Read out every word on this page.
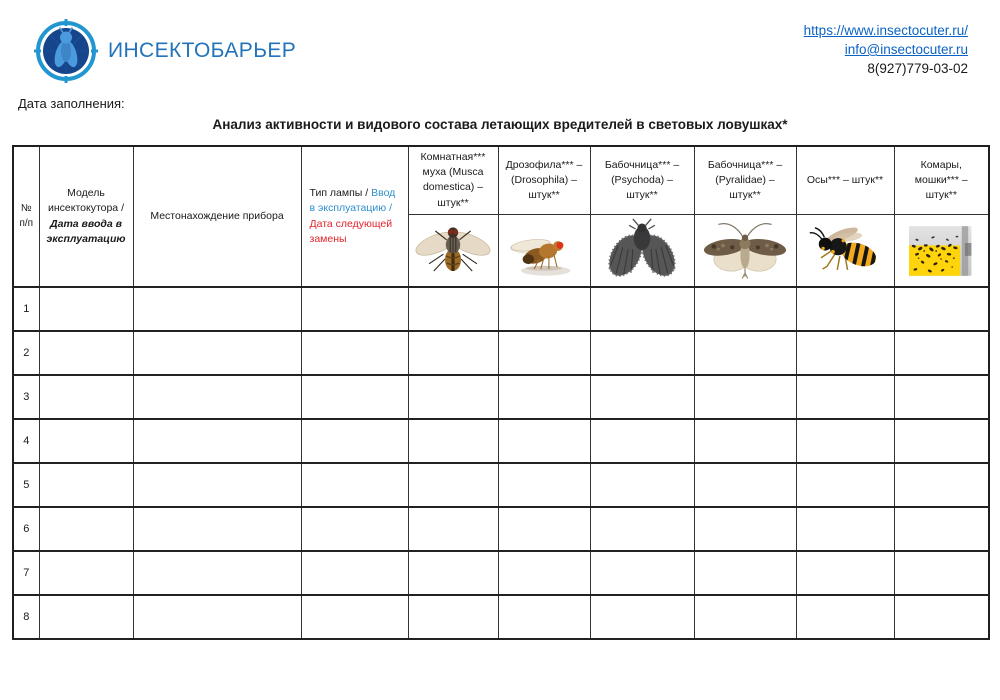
ИНСЕКТОБАРЬЕР
https://www.insectocuter.ru/
info@insectocuter.ru
8(927)779-03-02
Дата заполнения:
Анализ активности и видового состава летающих вредителей в световых ловушках*
№ п/п	Модель инсектокутора / Дата ввода в эксплуатацию	Местонахождение прибора	Тип лампы / Ввод в эксплуатацию / Дата следующей замены	Комнатная*** муха (Musca domestica) – штук**	Дрозофила*** – (Drosophila) – штук**	Бабочница*** – (Psychoda) – штук**	Бабочница*** – (Pyralidae) – штук**	Осы*** – штук**	Комары, мошки*** – штук**

1									
2									
3									
4									
5									
6									
7									
8									
